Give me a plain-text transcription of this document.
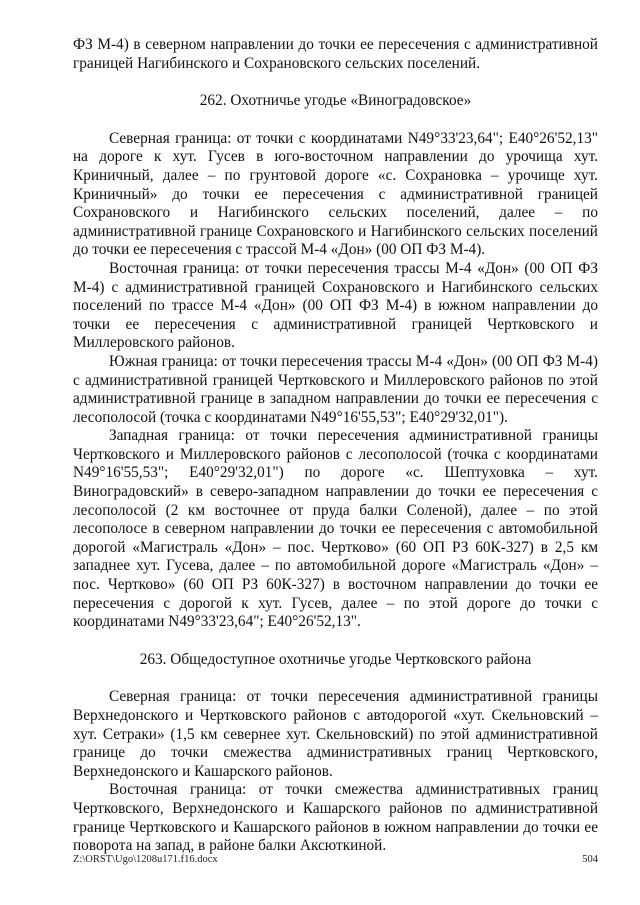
ФЗ М-4) в северном направлении до точки ее пересечения с административной границей Нагибинского и Сохрановского сельских поселений.

262. Охотничье угодье «Виноградовское»

Северная граница: от точки с координатами N49°33'23,64"; E40°26'52,13" на дороге к хут. Гусев в юго-восточном направлении до урочища хут. Криничный, далее – по грунтовой дороге «с. Сохрановка – урочище хут. Криничный» до точки ее пересечения с административной границей Сохрановского и Нагибинского сельских поселений, далее – по административной границе Сохрановского и Нагибинского сельских поселений до точки ее пересечения с трассой М-4 «Дон» (00 ОП ФЗ М-4).

Восточная граница: от точки пересечения трассы М-4 «Дон» (00 ОП ФЗ М-4) с административной границей Сохрановского и Нагибинского сельских поселений по трассе М-4 «Дон» (00 ОП ФЗ М-4) в южном направлении до точки ее пересечения с административной границей Чертковского и Миллеровского районов.

Южная граница: от точки пересечения трассы М-4 «Дон» (00 ОП ФЗ М-4) с административной границей Чертковского и Миллеровского районов по этой административной границе в западном направлении до точки ее пересечения с лесополосой (точка с координатами N49°16'55,53"; E40°29'32,01").

Западная граница: от точки пересечения административной границы Чертковского и Миллеровского районов с лесополосой (точка с координатами N49°16'55,53"; E40°29'32,01") по дороге «с. Шептуховка – хут. Виноградовский» в северо-западном направлении до точки ее пересечения с лесополосой (2 км восточнее от пруда балки Соленой), далее – по этой лесополосе в северном направлении до точки ее пересечения с автомобильной дорогой «Магистраль «Дон» – пос. Чертково» (60 ОП РЗ 60К-327) в 2,5 км западнее хут. Гусева, далее – по автомобильной дороге «Магистраль «Дон» – пос. Чертково» (60 ОП РЗ 60К-327) в восточном направлении до точки ее пересечения с дорогой к хут. Гусев, далее – по этой дороге до точки с координатами N49°33'23,64"; E40°26'52,13".

263. Общедоступное охотничье угодье Чертковского района

Северная граница: от точки пересечения административной границы Верхнедонского и Чертковского районов с автодорогой «хут. Скельновский – хут. Сетраки» (1,5 км севернее хут. Скельновский) по этой административной границе до точки смежества административных границ Чертковского, Верхнедонского и Кашарского районов.

Восточная граница: от точки смежества административных границ Чертковского, Верхнедонского и Кашарского районов по административной границе Чертковского и Кашарского районов в южном направлении до точки ее поворота на запад, в районе балки Аксюткиной.

Z:\ORST\Ugo\1208u171.f16.docx	504
